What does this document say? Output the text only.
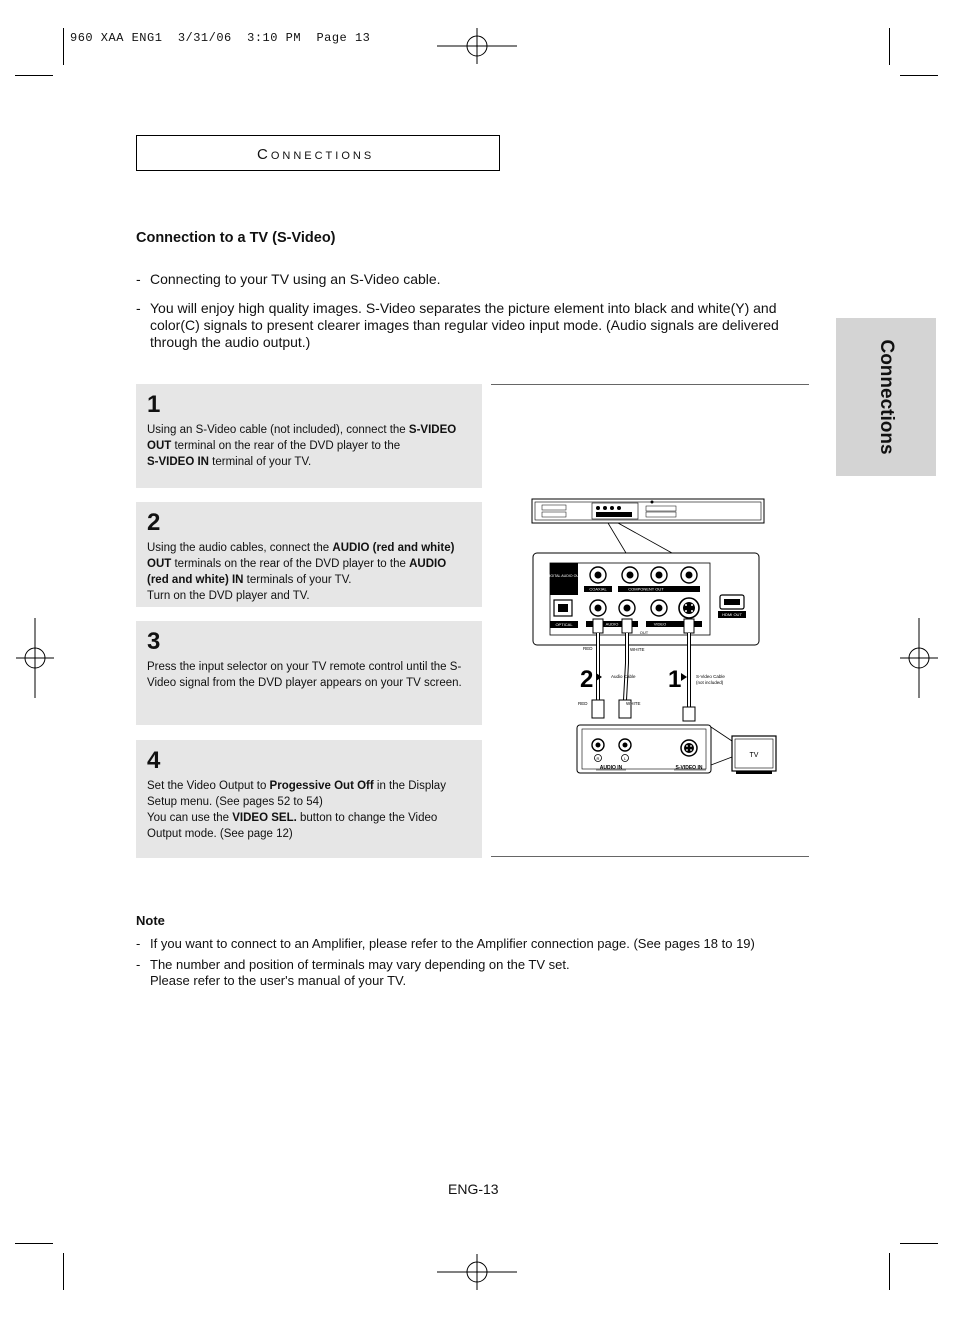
960 XAA ENG1  3/31/06  3:10 PM  Page 13
Connections
Connections
Connection to a TV (S-Video)
- Connecting to your TV using an S-Video cable.
- You will enjoy high quality images. S-Video separates the picture element into black and white(Y) and color(C) signals to present clearer images than regular video input mode. (Audio signals are delivered through the audio output.)
1
Using an S-Video cable (not included), connect the S-VIDEO OUT terminal on the rear of the DVD player to the
S-VIDEO IN terminal of your TV.
2
Using the audio cables, connect the AUDIO (red and white) OUT terminals on the rear of the DVD player to the AUDIO (red and white) IN terminals of your TV.
Turn on the DVD player and TV.
3
Press the input selector on your TV remote control until the S-Video signal from the DVD player appears on your TV screen.
4
Set the Video Output to Progessive Out Off in the Display Setup menu. (See pages 52 to 54)
You can use the VIDEO SEL. button to change the Video Output mode. (See page 12)
DIGITAL AUDIO OUT
COAXIAL	COMPONENT OUT
OPTICAL	AUDIO	VIDEO
OUT
HDMI OUT
RED	WHITE
2	Audio Cable 1	S-Video Cable
(not included)
RED	WHITE
R	L
AUDIO IN	S-VIDEO IN
TV
Note
- If you want to connect to an Amplifier, please refer to the Amplifier connection page. (See pages 18 to 19)
- The number and position of terminals may vary depending on the TV set.
Please refer to the user's manual of your TV.
ENG-13
